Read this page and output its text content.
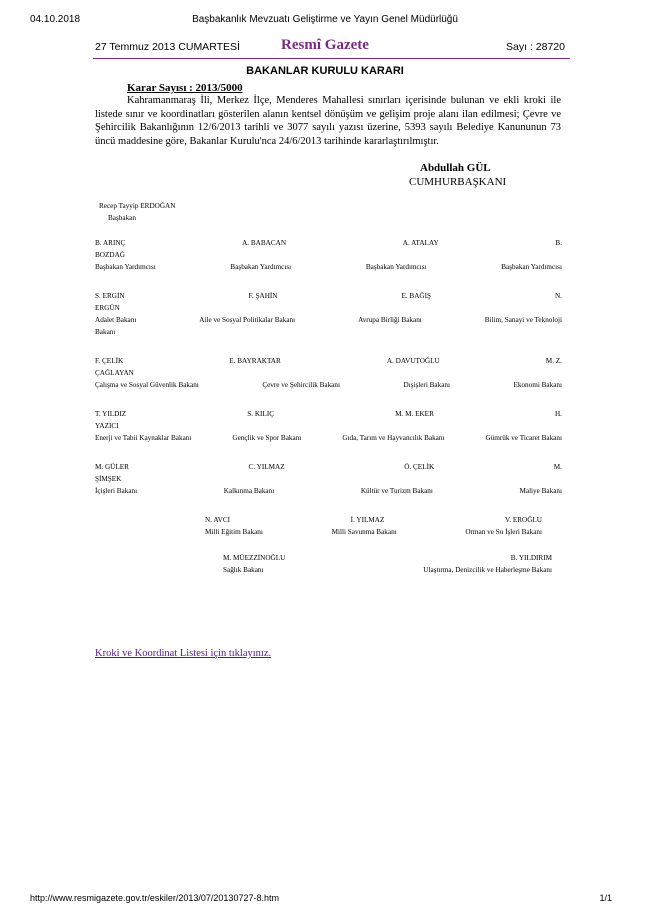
04.10.2018	Başbakanlık Mevzuatı Geliştirme ve Yayın Genel Müdürlüğü
27 Temmuz 2013 CUMARTESİ	Resmî Gazete	Sayı : 28720
BAKANLAR KURULU KARARI
Karar Sayısı : 2013/5000
Kahramanmaraş İli, Merkez İlçe, Menderes Mahallesi sınırları içerisinde bulunan ve ekli kroki ile listede sınır ve koordinatları gösterilen alanın kentsel dönüşüm ve gelişim proje alanı ilan edilmesi; Çevre ve Şehircilik Bakanlığının 12/6/2013 tarihli ve 3077 sayılı yazısı üzerine, 5393 sayılı Belediye Kanununun 73 üncü maddesine göre, Bakanlar Kurulu'nca 24/6/2013 tarihinde kararlaştırılmıştır.
Abdullah GÜL
CUMHURBAŞKANI
Recep Tayyip ERDOĞAN
Başbakan
B. ARINÇ	A. BABACAN	A. ATALAY	B.
BOZDAĞ
Başbakan Yardımcısı	Başbakan Yardımcısı	Başbakan Yardımcısı	Başbakan Yardımcısı
S. ERGİN	F. ŞAHİN	E. BAĞIŞ	N.
ERGÜN
Adalet Bakanı	Aile ve Sosyal Politikalar Bakanı	Avrupa Birliği Bakanı	Bilim, Sanayi ve Teknoloji
Bakanı
F. ÇELİK	E. BAYRAKTAR	A. DAVUTOĞLU	M. Z.
ÇAĞLAYAN
Çalışma ve Sosyal Güvenlik Bakanı	Çevre ve Şehircilik Bakanı	Dışişleri Bakanı	Ekonomi Bakanı
T. YILDIZ	S. KILIÇ	M. M. EKER	H.
YAZICI
Enerji ve Tabii Kaynaklar Bakanı	Gençlik ve Spor Bakanı	Gıda, Tarım ve Hayvancılık Bakanı	Gümrük ve Ticaret Bakanı
M. GÜLER	C. YILMAZ	Ö. ÇELİK	M.
ŞİMŞEK
İçişleri Bakanı	Kalkınma Bakanı	Kültür ve Turizm Bakanı	Maliye Bakanı
N. AVCI	İ. YILMAZ	V. EROĞLU
Milli Eğitim Bakanı	Milli Savunma Bakanı	Orman ve Su İşleri Bakanı
M. MÜEZZİNOĞLU	B. YILDIRIM
Sağlık Bakanı	Ulaştırma, Denizcilik ve Haberleşme Bakanı
Kroki ve Koordinat Listesi için tıklayınız.
http://www.resmigazete.gov.tr/eskiler/2013/07/20130727-8.htm	1/1
